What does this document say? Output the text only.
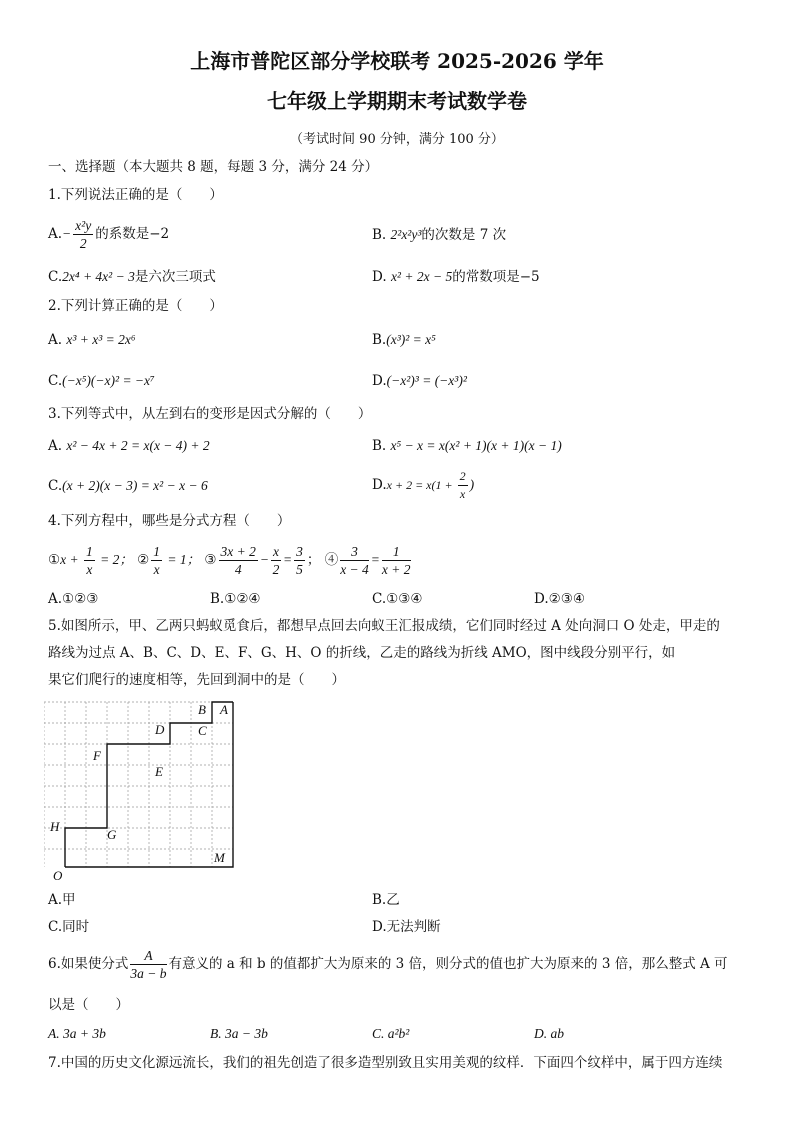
上海市普陀区部分学校联考 2025-2026 学年
七年级上学期期末考试数学卷
（考试时间 90 分钟，满分 100 分）
一、选择题（本大题共 8 题，每题 3 分，满分 24 分）
1.下列说法正确的是（　　）
$A.- \frac{\text{x²y}}{2}$ 的系数是−2	B. 2²x²y³的次数是 7 次
C.2x⁴ + 4x² − 3是六次三项式	D. x² + 2x − 5的常数项是−5
2.下列计算正确的是（　　）
A. x³ + x³ = 2x⁶	B.(x³)² = x⁵
C.(−x⁵)(−x)² = −x⁷	D.(−x²)³ = (−x³)²
3.下列等式中，从左到右的变形是因式分解的（　　）
A. x² − 4x + 2 = x(x − 4) + 2	B. x⁵ − x = x(x² + 1)(x + 1)(x − 1)
C.(x + 2)(x − 3) = x² − x − 6	$D.x + 2 = x(1 + \frac{2}{x}$ )
4.下列方程中，哪些是分式方程（　　）
①x + $\frac{1}{x} = 2$； ② $\frac{1}{x} = 1$； ③ $\frac{3x + 2}{4} - \frac{x}{2} = \frac{3}{5}$ ； ④ $\frac{3}{x - 4} = \frac{1}{x + 2}$
A.①②③	B.①②④	C.①③④	D.②③④
5.如图所示，甲、乙两只蚂蚁觅食后，都想早点回去向蚁王汇报成绩，它们同时经过 A 处向洞口 O 处走，甲走的
路线为过点 A、B、C、D、E、F、G、H、O 的折线，乙走的路线为折线 AMO，图中线段分别平行，如
果它们爬行的速度相等，先回到洞中的是（　　）
A
B
C
D
E
F
G
H
O
M
A.甲	B.乙
C.同时	D.无法判断
6.如果使分式 $\frac{A}{3a - b}$ 有意义的 a 和 b 的值都扩大为原来的 3 倍，则分式的值也扩大为原来的 3 倍，那么整式 A 可
以是（　　）
A. 3a + 3b	B. 3a − 3b	C. a²b²	D. ab
7.中国的历史文化源远流长，我们的祖先创造了很多造型别致且实用美观的纹样．下面四个纹样中，属于四方连续
